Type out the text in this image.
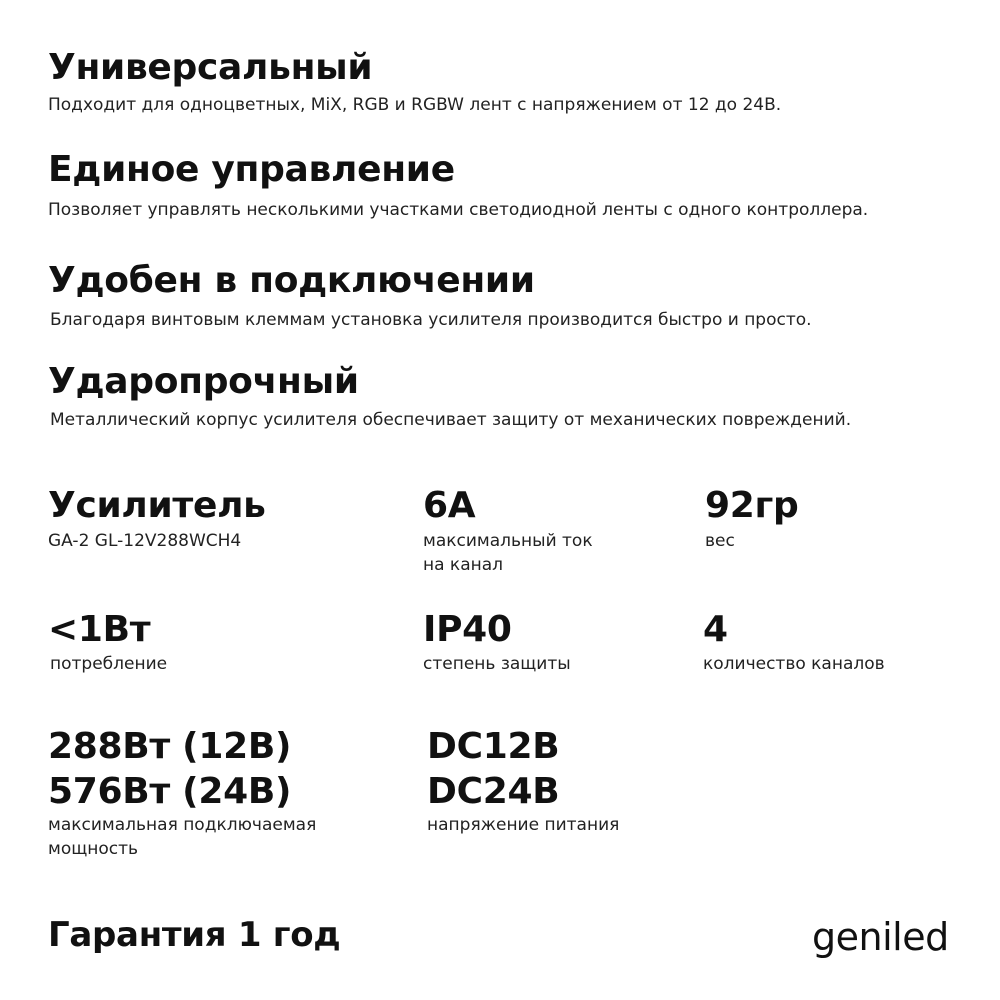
Универсальный
Подходит для одноцветных, MiX, RGB и RGBW лент с напряжением от 12 до 24В.
Единое управление
Позволяет управлять несколькими участками светодиодной ленты с одного контроллера.
Удобен в подключении
Благодаря винтовым клеммам установка усилителя производится быстро и просто.
Ударопрочный
Металлический корпус усилителя обеспечивает защиту от механических повреждений.
Усилитель
GA-2 GL-12V288WCH4
6А
максимальный ток
на канал
92гр
вес
<1Вт
потребление
IP40
степень защиты
4
количество каналов
288Вт (12В)
576Вт (24В)
максимальная подключаемая
мощность
DC12В
DC24В
напряжение питания
Гарантия 1 год	geniled
